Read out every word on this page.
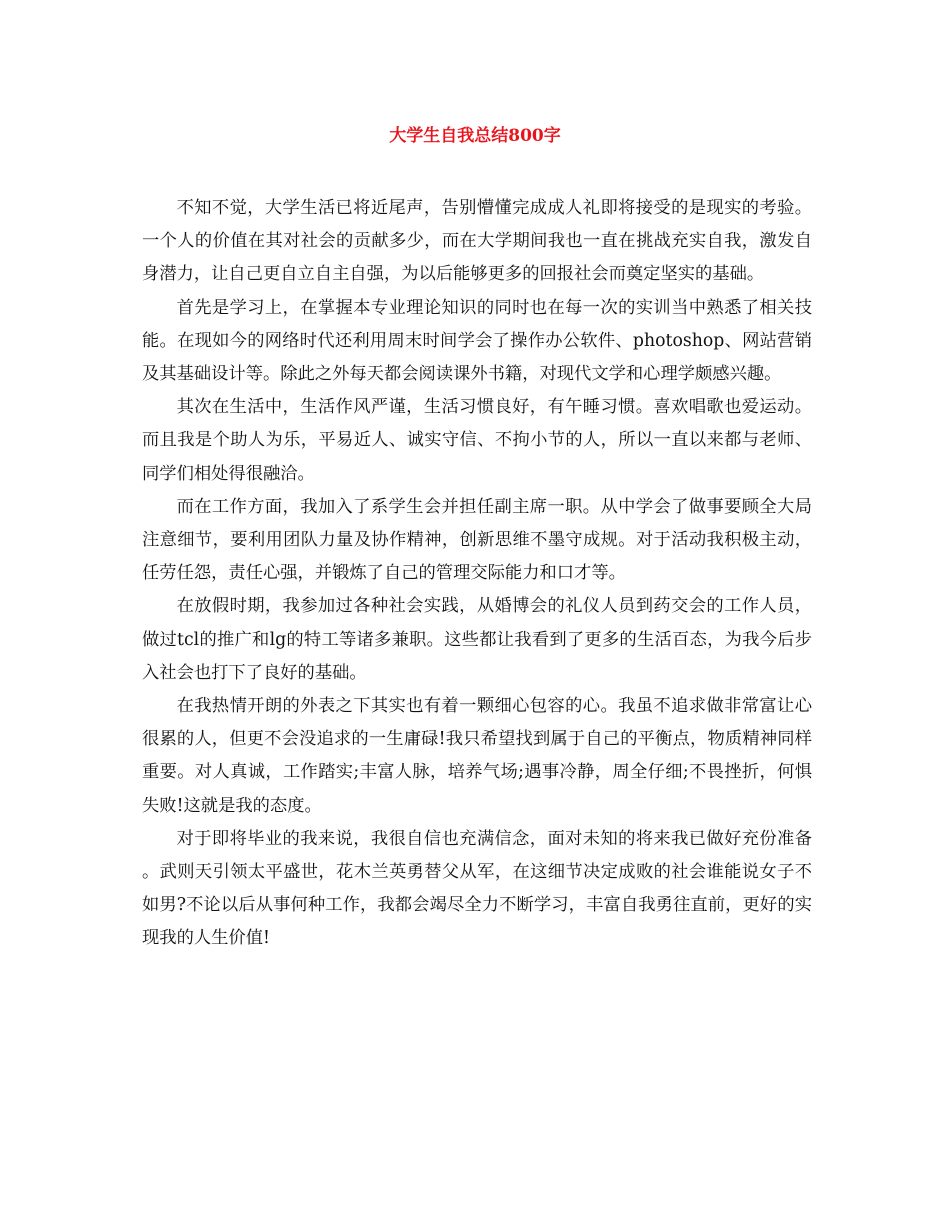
大学生自我总结800字

不知不觉，大学生活已将近尾声，告别懵懂完成成人礼即将接受的是现实的考验。一个人的价值在其对社会的贡献多少，而在大学期间我也一直在挑战充实自我，激发自身潜力，让自己更自立自主自强，为以后能够更多的回报社会而奠定坚实的基础。

首先是学习上，在掌握本专业理论知识的同时也在每一次的实训当中熟悉了相关技能。在现如今的网络时代还利用周末时间学会了操作办公软件、photoshop、网站营销及其基础设计等。除此之外每天都会阅读课外书籍，对现代文学和心理学颇感兴趣。

其次在生活中，生活作风严谨，生活习惯良好，有午睡习惯。喜欢唱歌也爱运动。而且我是个助人为乐，平易近人、诚实守信、不拘小节的人，所以一直以来都与老师、同学们相处得很融洽。

而在工作方面，我加入了系学生会并担任副主席一职。从中学会了做事要顾全大局注意细节，要利用团队力量及协作精神，创新思维不墨守成规。对于活动我积极主动，任劳任怨，责任心强，并锻炼了自己的管理交际能力和口才等。

在放假时期，我参加过各种社会实践，从婚博会的礼仪人员到药交会的工作人员，做过tcl的推广和lg的特工等诸多兼职。这些都让我看到了更多的生活百态，为我今后步入社会也打下了良好的基础。

在我热情开朗的外表之下其实也有着一颗细心包容的心。我虽不追求做非常富让心很累的人，但更不会没追求的一生庸碌!我只希望找到属于自己的平衡点，物质精神同样重要。对人真诚，工作踏实;丰富人脉，培养气场;遇事冷静，周全仔细;不畏挫折，何惧失败!这就是我的态度。

对于即将毕业的我来说，我很自信也充满信念，面对未知的将来我已做好充份准备。武则天引领太平盛世，花木兰英勇替父从军，在这细节决定成败的社会谁能说女子不如男?不论以后从事何种工作，我都会竭尽全力不断学习，丰富自我勇往直前，更好的实现我的人生价值!
